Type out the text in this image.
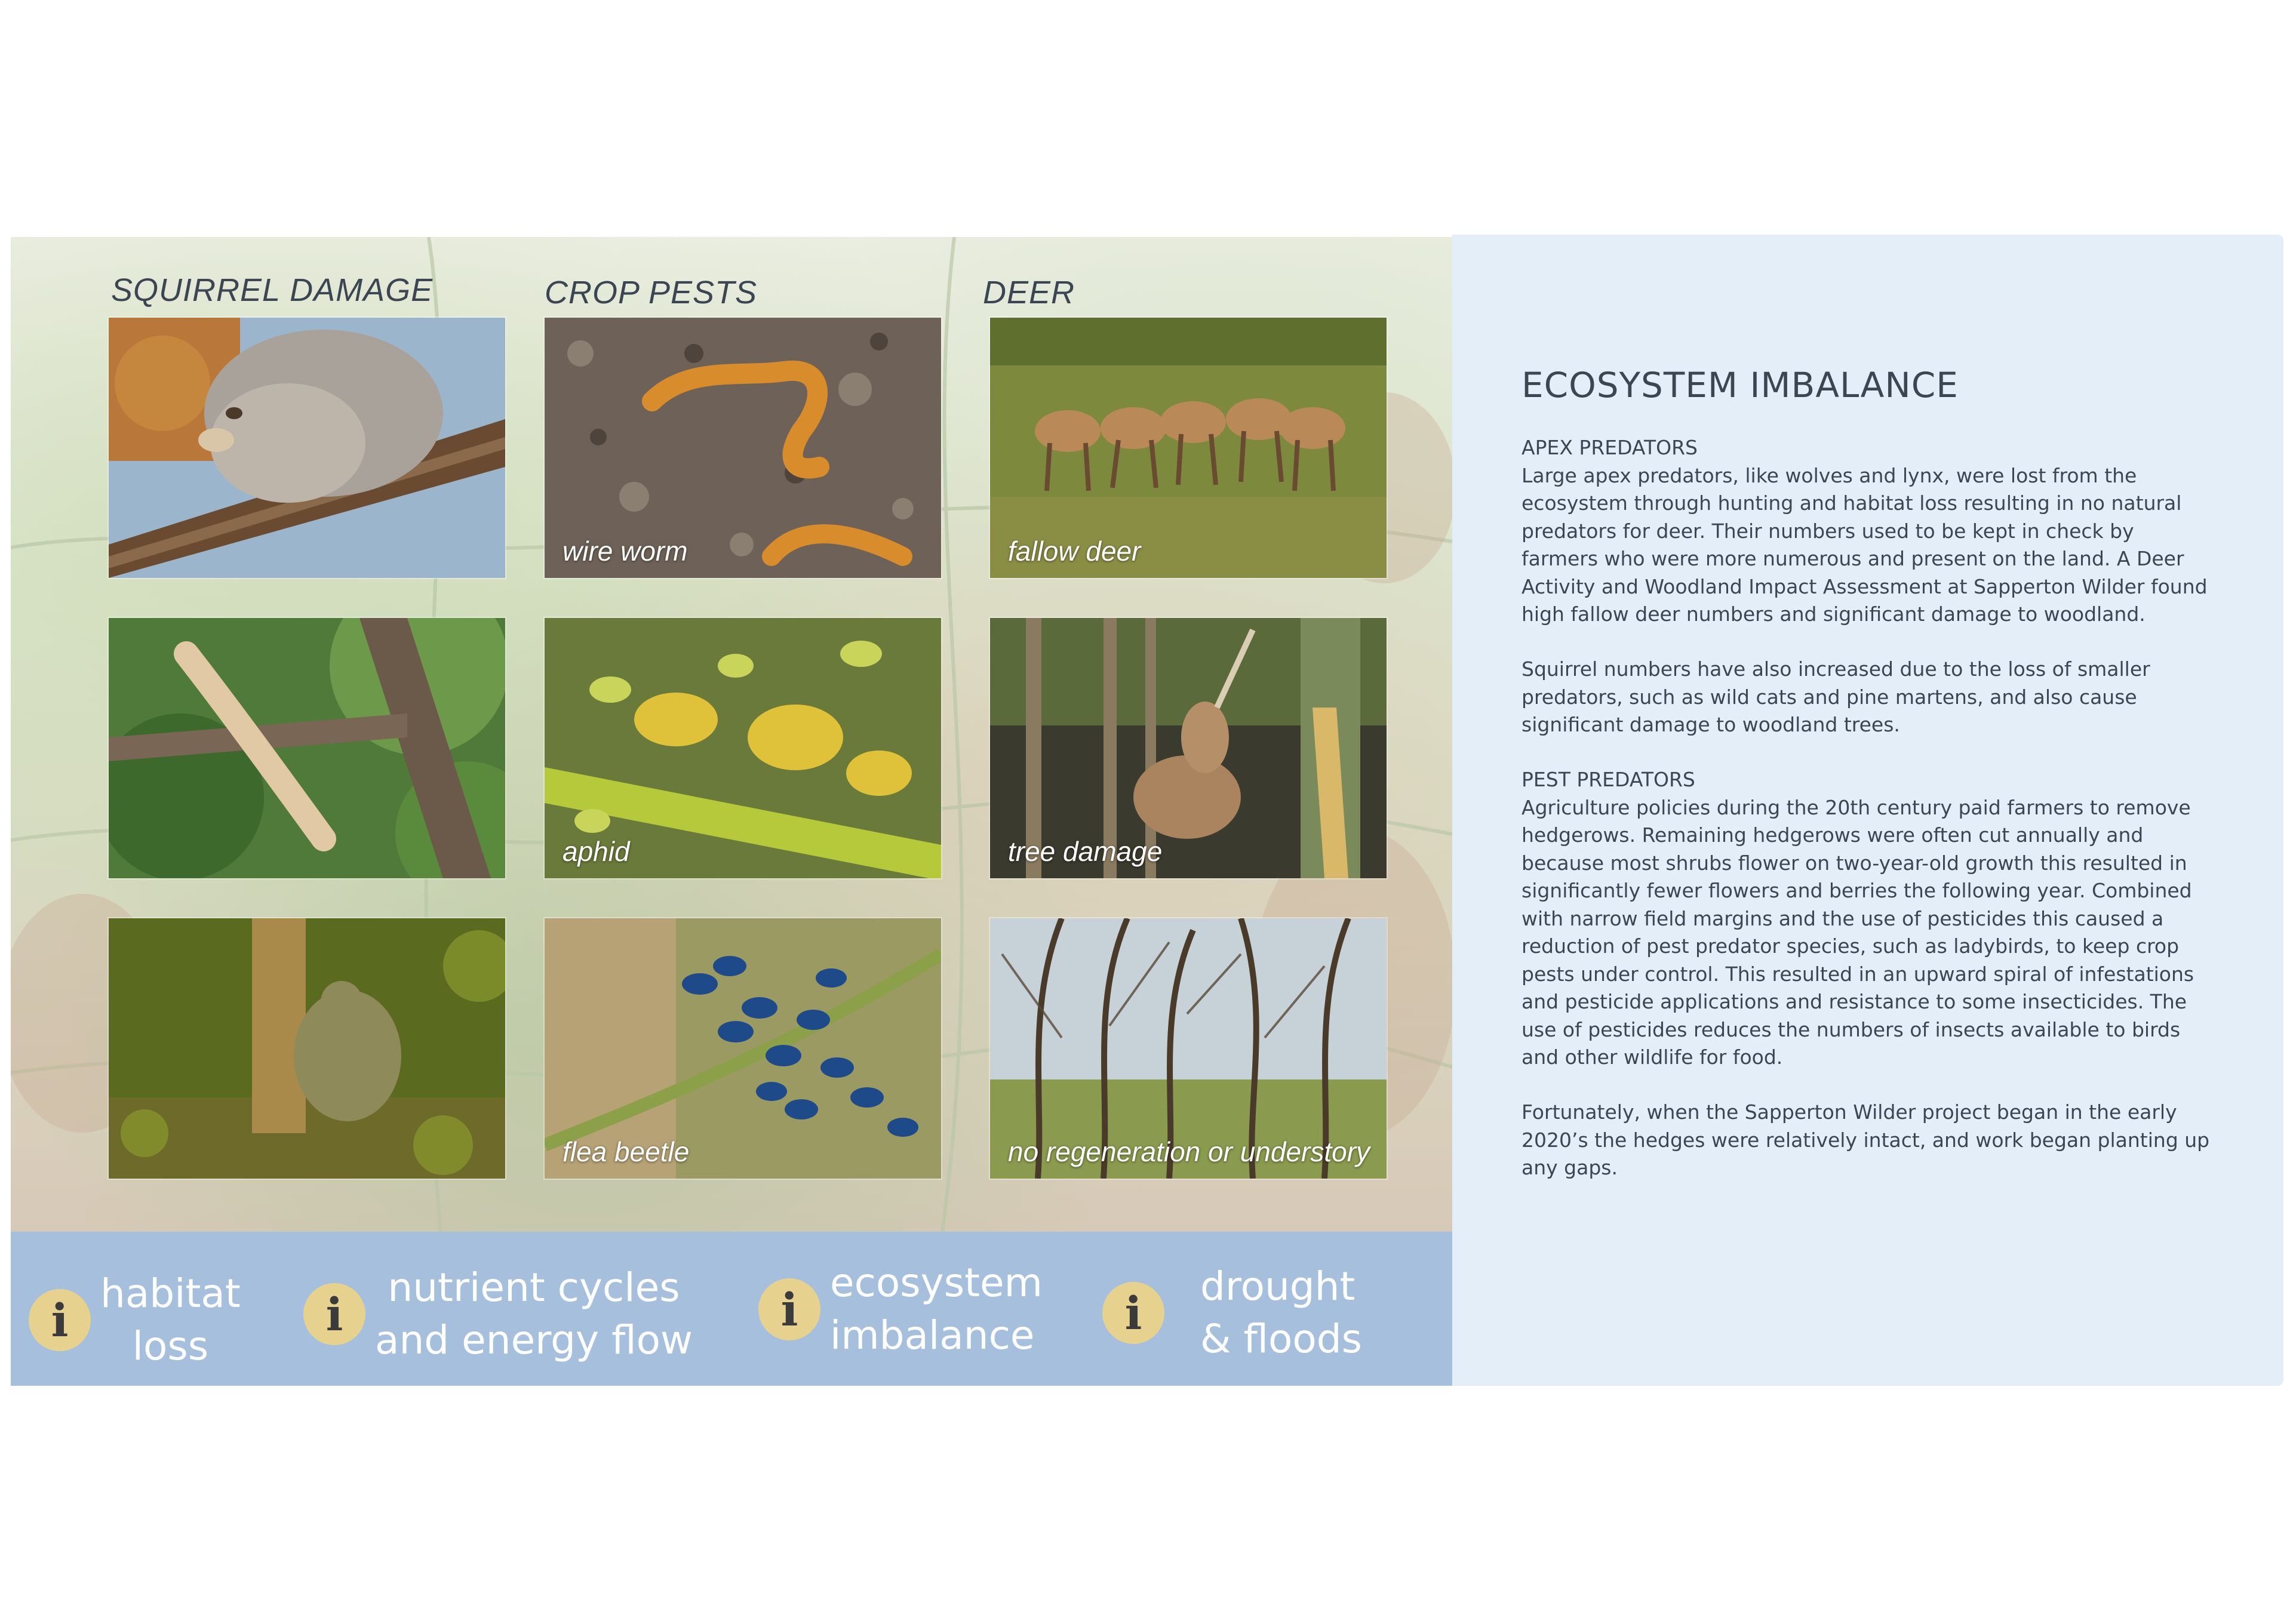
SQUIRREL DAMAGE	CROP PESTS	DEER
wire worm	fallow deer
aphid	tree damage
flea beetle	no regeneration or understory
i habitat
loss
i	nutrient cycles
and energy flow
i ecosystem
imbalance	i	drought
& floods
ECOSYSTEM IMBALANCE
APEX PREDATORS
Large apex predators, like wolves and lynx, were lost from the ecosystem through hunting and habitat loss resulting in no natural predators for deer. Their numbers used to be kept in check by farmers who were more numerous and present on the land. A Deer Activity and Woodland Impact Assessment at Sapperton Wilder found high fallow deer numbers and significant damage to woodland.
Squirrel numbers have also increased due to the loss of smaller predators, such as wild cats and pine martens, and also cause significant damage to woodland trees.
PEST PREDATORS
Agriculture policies during the 20th century paid farmers to remove hedgerows. Remaining hedgerows were often cut annually and because most shrubs flower on two-year-old growth this resulted in significantly fewer flowers and berries the following year. Combined with narrow field margins and the use of pesticides this caused a reduction of pest predator species, such as ladybirds, to keep crop pests under control. This resulted in an upward spiral of infestations and pesticide applications and resistance to some insecticides. The use of pesticides reduces the numbers of insects available to birds and other wildlife for food.
Fortunately, when the Sapperton Wilder project began in the early 2020’s the hedges were relatively intact, and work began planting up any gaps.
